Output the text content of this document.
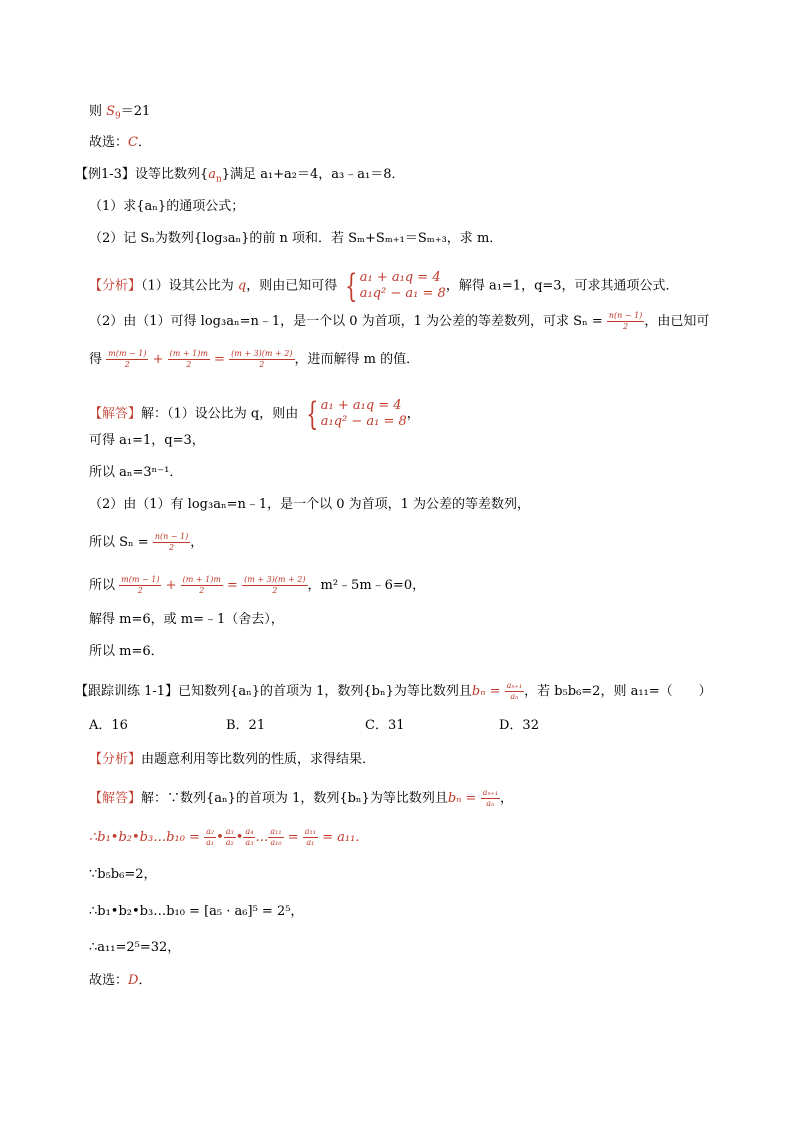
则 $S_9=21$
故选：C．
【例1-3】设等比数列$\{a_n\}$满足 a₁+a₂＝4，a₃﹣a₁＝8．
（1）求{aₙ}的通项公式；
（2）记 Sₙ为数列{log₃aₙ}的前 n 项和．若 Sₘ+Sₘ₊₁＝Sₘ₊₃，求 m．
【分析】（1）设其公比为 q，则由已知可得 { a₁ + a₁q = 4
a₁q² − a₁ = 8 ，解得 a₁=1，q=3，可求其通项公式．
（2）由（1）可得 log₃aₙ=n﹣1，是一个以 0 为首项，1 为公差的等差数列，可求 $S_n = \frac{n(n - 1)}{2}$ ，由已知可
得 $\frac{m(m - 1)}{2} + \frac{(m + 1)m}{2} = \frac{(m + 3)(m + 2)}{2}$ ，进而解得 m 的值．
【解答】解：（1）设公比为 q，则由 { a₁ + a₁q = 4
a₁q² − a₁ = 8 ，
可得 a₁=1，q=3，
所以 aₙ=3ⁿ⁻¹．
（2）由（1）有 log₃aₙ=n﹣1，是一个以 0 为首项，1 为公差的等差数列，
所以 $S_n = \frac{n(n - 1)}{2}$ ，
所以 $\frac{m(m - 1)}{2} + \frac{(m + 1)m}{2} = \frac{(m + 3)(m + 2)}{2}$ ，m²﹣5m﹣6=0，
解得 m=6，或 m=﹣1（舍去），
所以 m=6．
【跟踪训练 1-1】已知数列{aₙ}的首项为 1，数列{bₙ}为等比数列且$b_n = \frac{\text{aₙ₊₁}}{\text{aₙ}}$ ，若 b₅b₆=2，则 a₁₁=（　　）
A．16	B．21	C．31	D．32
【分析】由题意利用等比数列的性质，求得结果．
【解答】解：∵数列{aₙ}的首项为 1，数列{bₙ}为等比数列且$b_n = \frac{\text{aₙ₊₁}}{\text{aₙ}}$ ，
∴b₁•b₂•b₃…b₁₀ = $\frac{\text{a₂}}{\text{a₁}}$ • $\frac{\text{a₃}}{\text{a₂}}$ • $\frac{\text{a₄}}{\text{a₃}}$ … $\frac{\text{a₁₁}}{\text{a₁₀}} = \frac{\text{a₁₁}}{\text{a₁}} = a_{11}$．
∵b₅b₆=2，
∴b₁•b₂•b₃…b₁₀ = [a₅ · a₆]⁵ = 2⁵，
∴a₁₁=2⁵=32，
故选：D．
